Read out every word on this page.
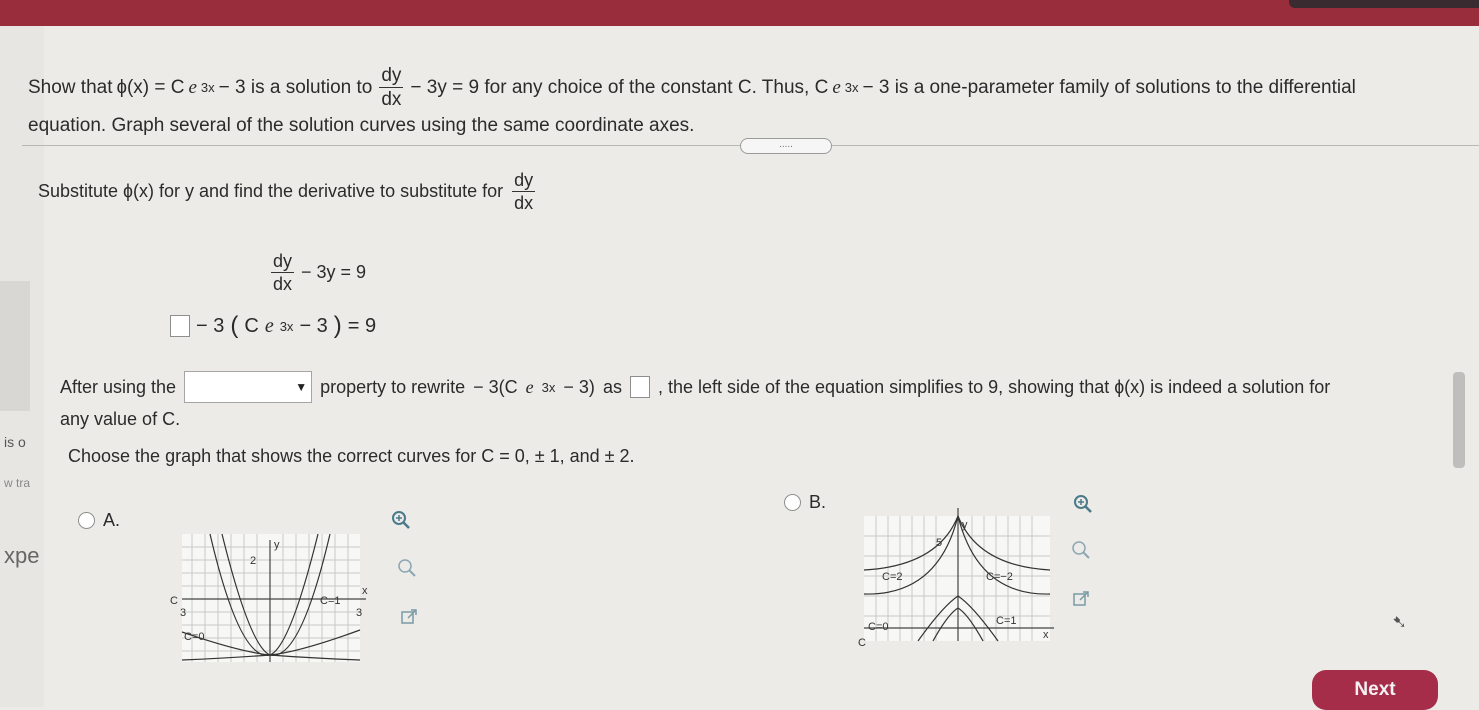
is o
w tra
xpe
Show that ɸ(x) = C e 3x − 3 is a solution to $\frac{dy}{dx} - 3y = 9$ for any choice of the constant C. Thus, C e 3x − 3 is a one-parameter family of solutions to the differential
equation. Graph several of the solution curves using the same coordinate axes.
.....
Substitute ɸ(x) for y and find the derivative to substitute for $\frac{dy}{dx}$
$\frac{dy}{dx} - 3y = 9$
− 3 ( C e 3x − 3 ) = 9
After using the	▼ property to rewrite − 3(C e 3x − 3) as , the left side of the equation simplifies to 9, showing that ɸ(x) is indeed a solution for
any value of C.
Choose the graph that shows the correct curves for C = 0, ± 1, and ± 2.
A.
B.
y
2
x
3
3
C
C=0
C=1
y
5
x
C=2	C=−2
C=0	C=1
C
➷
Next
